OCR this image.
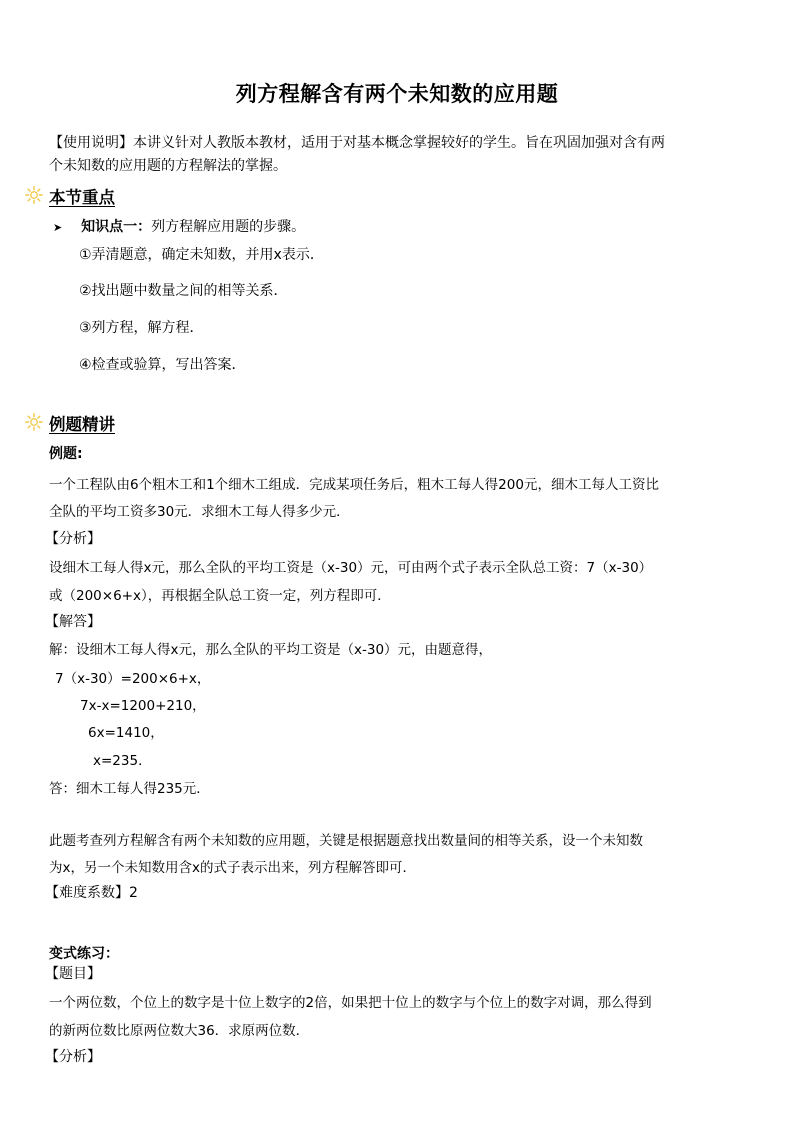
列方程解含有两个未知数的应用题
【使用说明】本讲义针对人教版本教材，适用于对基本概念掌握较好的学生。旨在巩固加强对含有两
个未知数的应用题的方程解法的掌握。
本节重点
➤ 知识点一：列方程解应用题的步骤。
①弄清题意，确定未知数，并用x表示．
②找出题中数量之间的相等关系．
③列方程，解方程．
④检查或验算，写出答案．
例题精讲
例题:
一个工程队由6个粗木工和1个细木工组成．完成某项任务后，粗木工每人得200元，细木工每人工资比
全队的平均工资多30元．求细木工每人得多少元．
【分析】
设细木工每人得x元，那么全队的平均工资是（x-30）元，可由两个式子表示全队总工资：7（x-30）
或（200×6+x），再根据全队总工资一定，列方程即可．
【解答】
解：设细木工每人得x元，那么全队的平均工资是（x-30）元，由题意得，
7（x-30）=200×6+x，
7x-x=1200+210，
6x=1410，
x=235．
答：细木工每人得235元．
此题考查列方程解含有两个未知数的应用题，关键是根据题意找出数量间的相等关系，设一个未知数
为x，另一个未知数用含x的式子表示出来，列方程解答即可．
【难度系数】2
变式练习：
【题目】
一个两位数，个位上的数字是十位上数字的2倍，如果把十位上的数字与个位上的数字对调，那么得到
的新两位数比原两位数大36．求原两位数．
【分析】
